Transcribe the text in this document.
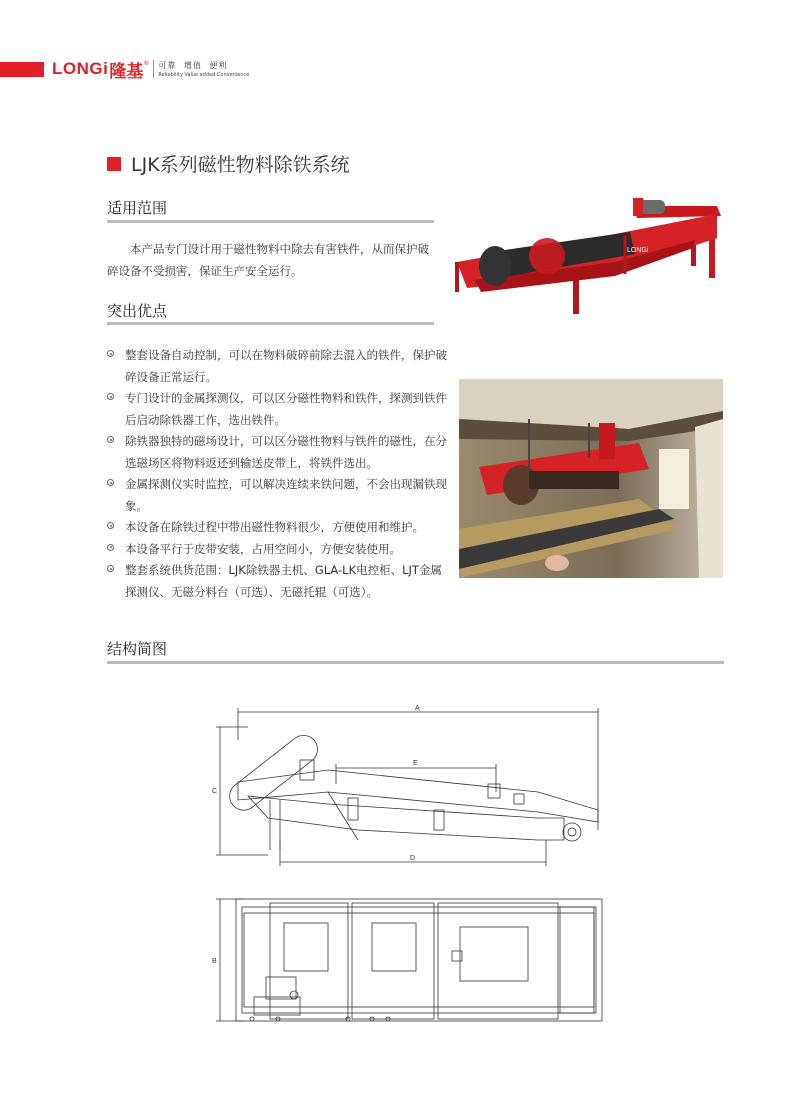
LONGi 隆基 ® 可靠 增值 便利
Reliability Value added Convenience
LJK系列磁性物料除铁系统
适用范围

本产品专门设计用于磁性物料中除去有害铁件，从而保护破碎设备不受损害，保证生产安全运行。

突出优点
整套设备自动控制，可以在物料破碎前除去混入的铁件，保护破碎设备正常运行。
专门设计的金属探测仪，可以区分磁性物料和铁件，探测到铁件后启动除铁器工作，选出铁件。
除铁器独特的磁场设计，可以区分磁性物料与铁件的磁性，在分选磁场区将物料返还到输送皮带上，将铁件选出。
金属探测仪实时监控，可以解决连续来铁问题，不会出现漏铁现象。
本设备在除铁过程中带出磁性物料很少，方便使用和维护。
本设备平行于皮带安装，占用空间小，方便安装使用。
整套系统供货范围：LJK除铁器主机、GLA-LK电控柜、LJT金属探测仪、无磁分料台（可选）、无磁托辊（可选）。
结构简图
LONGi
A
C
D
E
B
